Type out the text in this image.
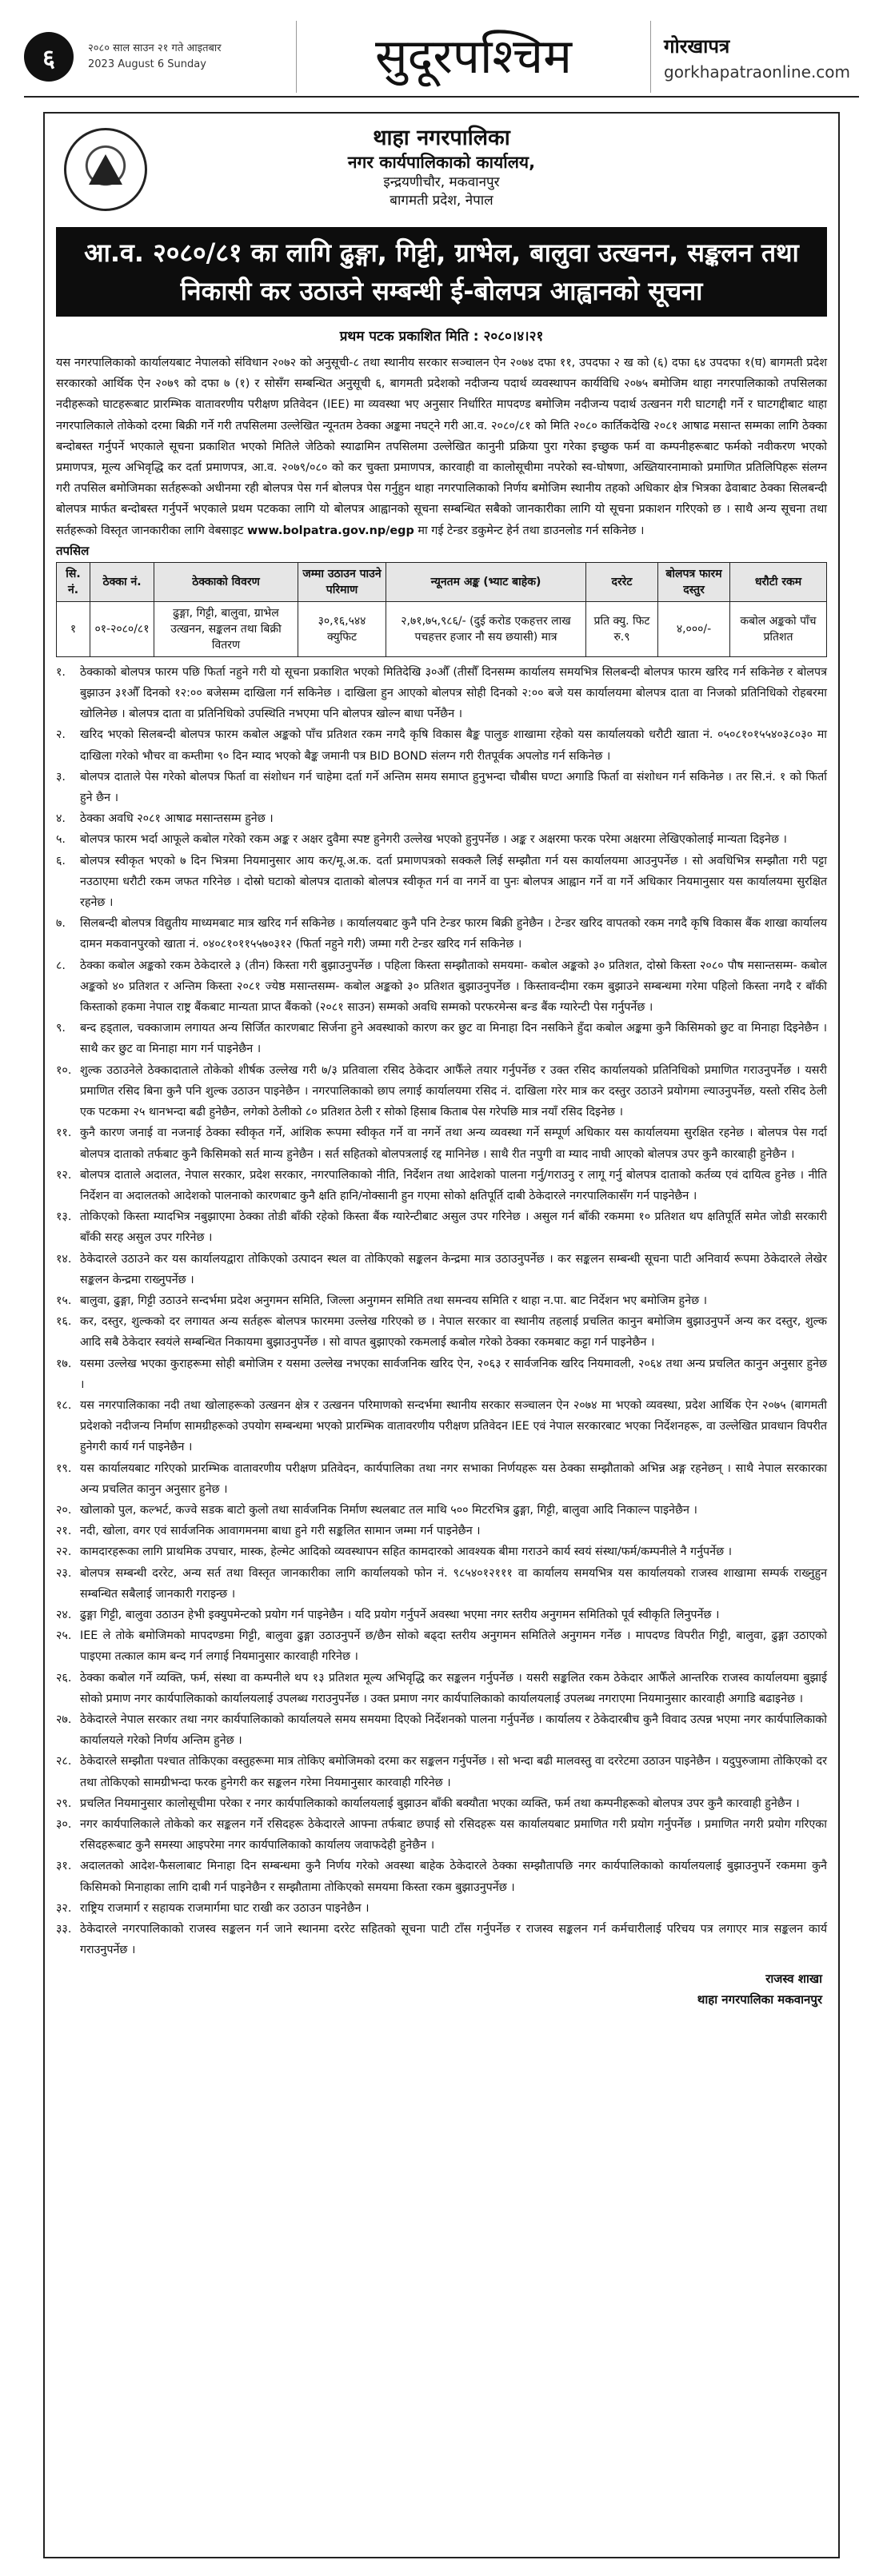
६	२०८० साल साउन २१ गते आइतबार
2023 August 6 Sunday	सुदूरपश्चिम	गोरखापत्र
gorkhapatraonline.com
थाहा नगरपालिका
नगर कार्यपालिकाको कार्यालय,
इन्द्रयणीचौर, मकवानपुर
बागमती प्रदेश, नेपाल
आ.व. २०८०/८१ का लागि ढुङ्गा, गिट्टी, ग्राभेल, बालुवा उत्खनन, सङ्कलन तथा निकासी कर उठाउने सम्बन्धी ई-बोलपत्र आह्वानको सूचना
प्रथम पटक प्रकाशित मिति : २०८०।४।२१

यस नगरपालिकाको कार्यालयबाट नेपालको संविधान २०७२ को अनुसूची-८ तथा स्थानीय सरकार सञ्चालन ऐन २०७४ दफा ११, उपदफा २ ख को (६) दफा ६४ उपदफा १(घ) बागमती प्रदेश सरकारको आर्थिक ऐन २०७९ को दफा ७ (१) र सोसँग सम्बन्धित अनुसूची ६, बागमती प्रदेशको नदीजन्य पदार्थ व्यवस्थापन कार्यविधि २०७५ बमोजिम थाहा नगरपालिकाको तपसिलका नदीहरूको घाटहरूबाट प्रारम्भिक वातावरणीय परीक्षण प्रतिवेदन (IEE) मा व्यवस्था भए अनुसार निर्धारित मापदण्ड बमोजिम नदीजन्य पदार्थ उत्खनन गरी घाटगद्दी गर्ने र घाटगद्दीबाट थाहा नगरपालिकाले तोकेको दरमा बिक्री गर्ने गरी तपसिलमा उल्लेखित न्यूनतम ठेक्का अङ्कमा नघट्ने गरी आ.व. २०८०/८१ को मिति २०८० कार्तिकदेखि २०८१ आषाढ मसान्त सम्मका लागि ठेक्का बन्दोबस्त गर्नुपर्ने भएकाले सूचना प्रकाशित भएको मितिले जेठिको स्याढामिन तपसिलमा उल्लेखित कानुनी प्रक्रिया पुरा गरेका इच्छुक फर्म वा कम्पनीहरूबाट फर्मको नवीकरण भएको प्रमाणपत्र, मूल्य अभिवृद्धि कर दर्ता प्रमाणपत्र, आ.व. २०७९/०८० को कर चुक्ता प्रमाणपत्र, कारवाही वा कालोसूचीमा नपरेको स्व-घोषणा, अख्तियारनामाको प्रमाणित प्रतिलिपिहरू संलग्न गरी तपसिल बमोजिमका सर्तहरूको अधीनमा रही बोलपत्र पेस गर्न बोलपत्र पेस गर्नुहुन थाहा नगरपालिकाको निर्णय बमोजिम स्थानीय तहको अधिकार क्षेत्र भित्रका ढेवाबाट ठेक्का सिलबन्दी बोलपत्र मार्फत बन्दोबस्त गर्नुपर्ने भएकाले प्रथम पटकका लागि यो बोलपत्र आह्वानको सूचना सम्बन्धित सबैको जानकारीका लागि यो सूचना प्रकाशन गरिएको छ । साथै अन्य सूचना तथा सर्तहरूको विस्तृत जानकारीका लागि वेबसाइट www.bolpatra.gov.np/egp मा गई टेन्डर डकुमेन्ट हेर्न तथा डाउनलोड गर्न सकिनेछ ।

तपसिल
सि. नं.	ठेक्का नं.	ठेक्काको विवरण	जम्मा उठाउन पाउने परिमाण	न्यूनतम अङ्क (भ्याट बाहेक)	दररेट	बोलपत्र फारम दस्तुर	धरौटी रकम
१	०१-२०८०/८१	ढुङ्गा, गिट्टी, बालुवा, ग्राभेल उत्खनन, सङ्कलन तथा बिक्री वितरण	३०,१६,५४४ क्युफिट	२,७१,७५,९८६/- (दुई करोड एकहत्तर लाख पचहत्तर हजार नौ सय छयासी) मात्र	प्रति क्यु. फिट रु.९	४,०००/-	कबोल अङ्कको पाँच प्रतिशत
१.	ठेक्काको बोलपत्र फारम पछि फिर्ता नहुने गरी यो सूचना प्रकाशित भएको मितिदेखि ३०औँ (तीसौँ दिनसम्म कार्यालय समयभित्र सिलबन्दी बोलपत्र फारम खरिद गर्न सकिनेछ र बोलपत्र बुझाउन ३१औँ दिनको १२:०० बजेसम्म दाखिला गर्न सकिनेछ । दाखिला हुन आएको बोलपत्र सोही दिनको २:०० बजे यस कार्यालयमा बोलपत्र दाता वा निजको प्रतिनिधिको रोहबरमा खोलिनेछ । बोलपत्र दाता वा प्रतिनिधिको उपस्थिति नभएमा पनि बोलपत्र खोल्न बाधा पर्नेछैन ।
२.	खरिद भएको सिलबन्दी बोलपत्र फारम कबोल अङ्कको पाँच प्रतिशत रकम नगदै कृषि विकास बैङ्क पालुङ शाखामा रहेको यस कार्यालयको धरौटी खाता नं. ०५०८१०१५५४०३८०३० मा दाखिला गरेको भौचर वा कम्तीमा ९० दिन म्याद भएको बैङ्क जमानी पत्र BID BOND संलग्न गरी रीतपूर्वक अपलोड गर्न सकिनेछ ।
३.	बोलपत्र दाताले पेस गरेको बोलपत्र फिर्ता वा संशोधन गर्न चाहेमा दर्ता गर्ने अन्तिम समय समाप्त हुनुभन्दा चौबीस घण्टा अगाडि फिर्ता वा संशोधन गर्न सकिनेछ । तर सि.नं. १ को फिर्ता हुने छैन ।
४.	ठेक्का अवधि २०८१ आषाढ मसान्तसम्म हुनेछ ।
५.	बोलपत्र फारम भर्दा आफूले कबोल गरेको रकम अङ्क र अक्षर दुवैमा स्पष्ट हुनेगरी उल्लेख भएको हुनुपर्नेछ । अङ्क र अक्षरमा फरक परेमा अक्षरमा लेखिएकोलाई मान्यता दिइनेछ ।
६.	बोलपत्र स्वीकृत भएको ७ दिन भित्रमा नियमानुसार आय कर/मू.अ.क. दर्ता प्रमाणपत्रको सक्कलै लिई सम्झौता गर्न यस कार्यालयमा आउनुपर्नेछ । सो अवधिभित्र सम्झौता गरी पट्टा नउठाएमा धरौटी रकम जफत गरिनेछ । दोस्रो घटाको बोलपत्र दाताको बोलपत्र स्वीकृत गर्न वा नगर्ने वा पुनः बोलपत्र आह्वान गर्ने वा गर्ने अधिकार नियमानुसार यस कार्यालयमा सुरक्षित रहनेछ ।
७.	सिलबन्दी बोलपत्र विद्युतीय माध्यमबाट मात्र खरिद गर्न सकिनेछ । कार्यालयबाट कुनै पनि टेन्डर फारम बिक्री हुनेछैन । टेन्डर खरिद वापतको रकम नगदै कृषि विकास बैंक शाखा कार्यालय दामन मकवानपुरको खाता नं. ०४०८१०११५५७०३१२ (फिर्ता नहुने गरी) जम्मा गरी टेन्डर खरिद गर्न सकिनेछ ।
८.	ठेक्का कबोल अङ्कको रकम ठेकेदारले ३ (तीन) किस्ता गरी बुझाउनुपर्नेछ । पहिला किस्ता सम्झौताको समयमा- कबोल अङ्कको ३० प्रतिशत, दोस्रो किस्ता २०८० पौष मसान्तसम्म- कबोल अङ्कको ४० प्रतिशत र अन्तिम किस्ता २०८१ ज्येष्ठ मसान्तसम्म- कबोल अङ्कको ३० प्रतिशत बुझाउनुपर्नेछ । किस्तावन्दीमा रकम बुझाउने सम्बन्धमा गरेमा पहिलो किस्ता नगदै र बाँकी किस्ताको हकमा नेपाल राष्ट्र बैंकबाट मान्यता प्राप्त बैंकको (२०८१ साउन) सम्मको अवधि सम्मको परफरमेन्स बन्ड बैंक ग्यारेन्टी पेस गर्नुपर्नेछ ।
९.	बन्द हड्ताल, चक्काजाम लगायत अन्य सिर्जित कारणबाट सिर्जना हुने अवस्थाको कारण कर छुट वा मिनाहा दिन नसकिने हुँदा कबोल अङ्कमा कुनै किसिमको छुट वा मिनाहा दिइनेछैन । साथै कर छुट वा मिनाहा माग गर्न पाइनेछैन ।
१०. शुल्क उठाउनेले ठेक्कादाताले तोकेको शीर्षक उल्लेख गरी ७/३ प्रतिवाला रसिद ठेकेदार आफैँले तयार गर्नुपर्नेछ र उक्त रसिद कार्यालयको प्रतिनिधिको प्रमाणित गराउनुपर्नेछ । यसरी प्रमाणित रसिद बिना कुनै पनि शुल्क उठाउन पाइनेछैन । नगरपालिकाको छाप लगाई कार्यालयमा रसिद नं. दाखिला गरेर मात्र कर दस्तुर उठाउने प्रयोगमा ल्याउनुपर्नेछ, यस्तो रसिद ठेली एक पटकमा २५ थानभन्दा बढी हुनेछैन, लगेको ठेलीको ८० प्रतिशत ठेली र सोको हिसाब किताब पेस गरेपछि मात्र नयाँ रसिद दिइनेछ ।
११. कुनै कारण जनाई वा नजनाई ठेक्का स्वीकृत गर्ने, आंशिक रूपमा स्वीकृत गर्ने वा नगर्ने तथा अन्य व्यवस्था गर्ने सम्पूर्ण अधिकार यस कार्यालयमा सुरक्षित रहनेछ । बोलपत्र पेस गर्दा बोलपत्र दाताको तर्फबाट कुनै किसिमको सर्त मान्य हुनेछैन । सर्त सहितको बोलपत्रलाई रद्द मानिनेछ । साथै रीत नपुगी वा म्याद नाघी आएको बोलपत्र उपर कुनै कारबाही हुनेछैन ।
१२. बोलपत्र दाताले अदालत, नेपाल सरकार, प्रदेश सरकार, नगरपालिकाको नीति, निर्देशन तथा आदेशको पालना गर्नु/गराउनु र लागू गर्नु बोलपत्र दाताको कर्तव्य एवं दायित्व हुनेछ । नीति निर्देशन वा अदालतको आदेशको पालनाको कारणबाट कुनै क्षति हानि/नोक्सानी हुन गएमा सोको क्षतिपूर्ति दाबी ठेकेदारले नगरपालिकासँग गर्न पाइनेछैन ।
१३. तोकिएको किस्ता म्यादभित्र नबुझाएमा ठेक्का तोडी बाँकी रहेको किस्ता बैंक ग्यारेन्टीबाट असुल उपर गरिनेछ । असुल गर्न बाँकी रकममा १० प्रतिशत थप क्षतिपूर्ति समेत जोडी सरकारी बाँकी सरह असुल उपर गरिनेछ ।
१४. ठेकेदारले उठाउने कर यस कार्यालयद्वारा तोकिएको उत्पादन स्थल वा तोकिएको सङ्कलन केन्द्रमा मात्र उठाउनुपर्नेछ । कर सङ्कलन सम्बन्धी सूचना पाटी अनिवार्य रूपमा ठेकेदारले लेखेर सङ्कलन केन्द्रमा राख्नुपर्नेछ ।
१५. बालुवा, ढुङ्गा, गिट्टी उठाउने सन्दर्भमा प्रदेश अनुगमन समिति, जिल्ला अनुगमन समिति तथा समन्वय समिति र थाहा न.पा. बाट निर्देशन भए बमोजिम हुनेछ ।
१६. कर, दस्तुर, शुल्कको दर लगायत अन्य सर्तहरू बोलपत्र फारममा उल्लेख गरिएको छ । नेपाल सरकार वा स्थानीय तहलाई प्रचलित कानुन बमोजिम बुझाउनुपर्ने अन्य कर दस्तुर, शुल्क आदि सबै ठेकेदार स्वयंले सम्बन्धित निकायमा बुझाउनुपर्नेछ । सो वापत बुझाएको रकमलाई कबोल गरेको ठेक्का रकमबाट कट्टा गर्न पाइनेछैन ।
१७. यसमा उल्लेख भएका कुराहरूमा सोही बमोजिम र यसमा उल्लेख नभएका सार्वजनिक खरिद ऐन, २०६३ र सार्वजनिक खरिद नियमावली, २०६४ तथा अन्य प्रचलित कानुन अनुसार हुनेछ ।
१८. यस नगरपालिकाका नदी तथा खोलाहरूको उत्खनन क्षेत्र र उत्खनन परिमाणको सन्दर्भमा स्थानीय सरकार सञ्चालन ऐन २०७४ मा भएको व्यवस्था, प्रदेश आर्थिक ऐन २०७५ (बागमती प्रदेशको नदीजन्य निर्माण सामग्रीहरूको उपयोग सम्बन्धमा भएको प्रारम्भिक वातावरणीय परीक्षण प्रतिवेदन IEE एवं नेपाल सरकारबाट भएका निर्देशनहरू, वा उल्लेखित प्रावधान विपरीत हुनेगरी कार्य गर्न पाइनेछैन ।
१९. यस कार्यालयबाट गरिएको प्रारम्भिक वातावरणीय परीक्षण प्रतिवेदन, कार्यपालिका तथा नगर सभाका निर्णयहरू यस ठेक्का सम्झौताको अभिन्न अङ्ग रहनेछन् । साथै नेपाल सरकारका अन्य प्रचलित कानुन अनुसार हुनेछ ।
२०. खोलाको पुल, कल्भर्ट, कज्वे सडक बाटो कुलो तथा सार्वजनिक निर्माण स्थलबाट तल माथि ५०० मिटरभित्र ढुङ्गा, गिट्टी, बालुवा आदि निकाल्न पाइनेछैन ।
२१. नदी, खोला, वगर एवं सार्वजनिक आवागमनमा बाधा हुने गरी सङ्कलित सामान जम्मा गर्न पाइनेछैन ।
२२. कामदारहरूका लागि प्राथमिक उपचार, मास्क, हेल्मेट आदिको व्यवस्थापन सहित कामदारको आवश्यक बीमा गराउने कार्य स्वयं संस्था/फर्म/कम्पनीले नै गर्नुपर्नेछ ।
२३. बोलपत्र सम्बन्धी दररेट, अन्य सर्त तथा विस्तृत जानकारीका लागि कार्यालयको फोन नं. ९८५४०१२१११ वा कार्यालय समयभित्र यस कार्यालयको राजस्व शाखामा सम्पर्क राख्नुहुन सम्बन्धित सबैलाई जानकारी गराइन्छ ।
२४. ढुङ्गा गिट्टी, बालुवा उठाउन हेभी इक्युपमेन्टको प्रयोग गर्न पाइनेछैन । यदि प्रयोग गर्नुपर्ने अवस्था भएमा नगर स्तरीय अनुगमन समितिको पूर्व स्वीकृति लिनुपर्नेछ ।
२५. IEE ले तोके बमोजिमको मापदण्डमा गिट्टी, बालुवा ढुङ्गा उठाउनुपर्ने छ/छैन सोको बढ्दा स्तरीय अनुगमन समितिले अनुगमन गर्नेछ । मापदण्ड विपरीत गिट्टी, बालुवा, ढुङ्गा उठाएको पाइएमा तत्काल काम बन्द गर्न लगाई नियमानुसार कारवाही गरिनेछ ।
२६. ठेक्का कबोल गर्ने व्यक्ति, फर्म, संस्था वा कम्पनीले थप १३ प्रतिशत मूल्य अभिवृद्धि कर सङ्कलन गर्नुपर्नेछ । यसरी सङ्कलित रकम ठेकेदार आफैँले आन्तरिक राजस्व कार्यालयमा बुझाई सोको प्रमाण नगर कार्यपालिकाको कार्यालयलाई उपलब्ध गराउनुपर्नेछ । उक्त प्रमाण नगर कार्यपालिकाको कार्यालयलाई उपलब्ध नगराएमा नियमानुसार कारवाही अगाडि बढाइनेछ ।
२७. ठेकेदारले नेपाल सरकार तथा नगर कार्यपालिकाको कार्यालयले समय समयमा दिएको निर्देशनको पालना गर्नुपर्नेछ । कार्यालय र ठेकेदारबीच कुनै विवाद उत्पन्न भएमा नगर कार्यपालिकाको कार्यालयले गरेको निर्णय अन्तिम हुनेछ ।
२८. ठेकेदारले सम्झौता पश्चात तोकिएका वस्तुहरूमा मात्र तोकिए बमोजिमको दरमा कर सङ्कलन गर्नुपर्नेछ । सो भन्दा बढी मालवस्तु वा दररेटमा उठाउन पाइनेछैन । यदुपुरुजामा तोकिएको दर तथा तोकिएको सामग्रीभन्दा फरक हुनेगरी कर सङ्कलन गरेमा नियमानुसार कारवाही गरिनेछ ।
२९. प्रचलित नियमानुसार कालोसूचीमा परेका र नगर कार्यपालिकाको कार्यालयलाई बुझाउन बाँकी बक्यौता भएका व्यक्ति, फर्म तथा कम्पनीहरूको बोलपत्र उपर कुनै कारवाही हुनेछैन ।
३०. नगर कार्यपालिकाले तोकेको कर सङ्कलन गर्ने रसिदहरू ठेकेदारले आफ्ना तर्फबाट छपाई सो रसिदहरू यस कार्यालयबाट प्रमाणित गरी प्रयोग गर्नुपर्नेछ । प्रमाणित नगरी प्रयोग गरिएका रसिदहरूबाट कुनै समस्या आइपरेमा नगर कार्यपालिकाको कार्यालय जवाफदेही हुनेछैन ।
३१. अदालतको आदेश-फैसलाबाट मिनाहा दिन सम्बन्धमा कुनै निर्णय गरेको अवस्था बाहेक ठेकेदारले ठेक्का सम्झौतापछि नगर कार्यपालिकाको कार्यालयलाई बुझाउनुपर्ने रकममा कुनै किसिमको मिनाहाका लागि दाबी गर्न पाइनेछैन र सम्झौतामा तोकिएको समयमा किस्ता रकम बुझाउनुपर्नेछ ।
३२. राष्ट्रिय राजमार्ग र सहायक राजमार्गमा घाट राखी कर उठाउन पाइनेछैन ।
३३. ठेकेदारले नगरपालिकाको राजस्व सङ्कलन गर्न जाने स्थानमा दररेट सहितको सूचना पाटी टाँस गर्नुपर्नेछ र राजस्व सङ्कलन गर्न कर्मचारीलाई परिचय पत्र लगाएर मात्र सङ्कलन कार्य गराउनुपर्नेछ ।
राजस्व शाखा
थाहा नगरपालिका मकवानपुर
